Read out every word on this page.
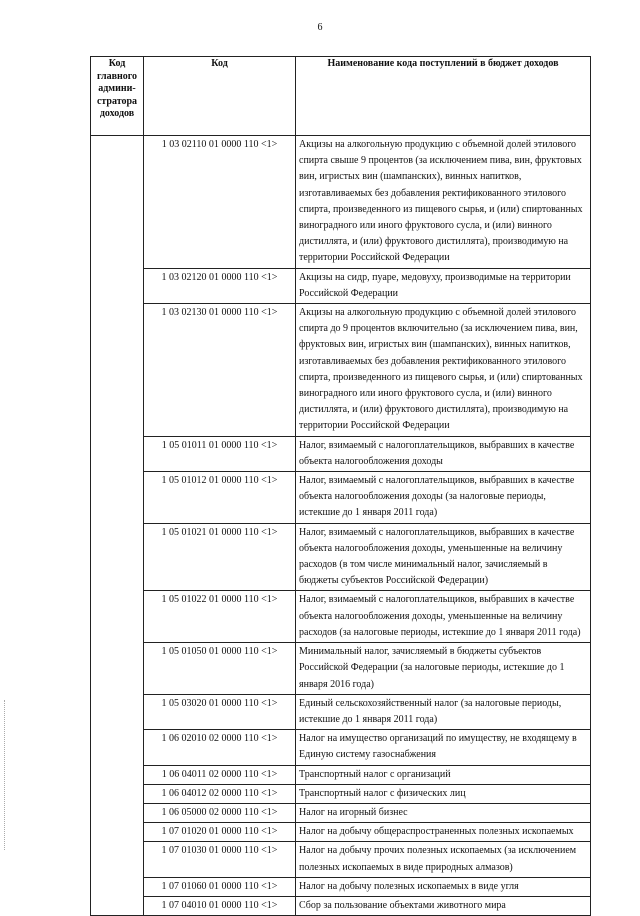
6
Код главного админи-стратора доходов	Код	Наименование кода поступлений в бюджет доходов
	1 03 02110 01 0000 110 <1>	Акцизы на алкогольную продукцию с объемной долей этилового спирта свыше 9 процентов (за исключением пива, вин, фруктовых вин, игристых вин (шампанских), винных напитков, изготавливаемых без добавления ректификованного этилового спирта, произведенного из пищевого сырья, и (или) спиртованных виноградного или иного фруктового сусла, и (или) винного дистиллята, и (или) фруктового дистиллята), производимую на территории Российской Федерации
	1 03 02120 01 0000 110 <1>	Акцизы на сидр, пуаре, медовуху, производимые на территории Российской Федерации
	1 03 02130 01 0000 110 <1>	Акцизы на алкогольную продукцию с объемной долей этилового спирта до 9 процентов включительно (за исключением пива, вин, фруктовых вин, игристых вин (шампанских), винных напитков, изготавливаемых без добавления ректификованного этилового спирта, произведенного из пищевого сырья, и (или) спиртованных виноградного или иного фруктового сусла, и (или) винного дистиллята, и (или) фруктового дистиллята), производимую на территории Российской Федерации
	1 05 01011 01 0000 110 <1>	Налог, взимаемый с налогоплательщиков, выбравших в качестве объекта налогообложения доходы
	1 05 01012 01 0000 110 <1>	Налог, взимаемый с налогоплательщиков, выбравших в качестве объекта налогообложения доходы (за налоговые периоды, истекшие до 1 января 2011 года)
	1 05 01021 01 0000 110 <1>	Налог, взимаемый с налогоплательщиков, выбравших в качестве объекта налогообложения доходы, уменьшенные на величину расходов (в том числе минимальный налог, зачисляемый в бюджеты субъектов Российской Федерации)
	1 05 01022 01 0000 110 <1>	Налог, взимаемый с налогоплательщиков, выбравших в качестве объекта налогообложения доходы, уменьшенные на величину расходов (за налоговые периоды, истекшие до 1 января 2011 года)
	1 05 01050 01 0000 110 <1>	Минимальный налог, зачисляемый в бюджеты субъектов Российской Федерации (за налоговые периоды, истекшие до 1 января 2016 года)
	1 05 03020 01 0000 110 <1>	Единый сельскохозяйственный налог (за налоговые периоды, истекшие до 1 января 2011 года)
	1 06 02010 02 0000 110 <1>	Налог на имущество организаций по имуществу, не входящему в Единую систему газоснабжения
	1 06 04011 02 0000 110 <1>	Транспортный налог с организаций
	1 06 04012 02 0000 110 <1>	Транспортный налог с физических лиц
	1 06 05000 02 0000 110 <1>	Налог на игорный бизнес
	1 07 01020 01 0000 110 <1>	Налог на добычу общераспространенных полезных ископаемых
	1 07 01030 01 0000 110 <1>	Налог на добычу прочих полезных ископаемых (за исключением полезных ископаемых в виде природных алмазов)
	1 07 01060 01 0000 110 <1>	Налог на добычу полезных ископаемых в виде угля
	1 07 04010 01 0000 110 <1>	Сбор за пользование объектами животного мира
